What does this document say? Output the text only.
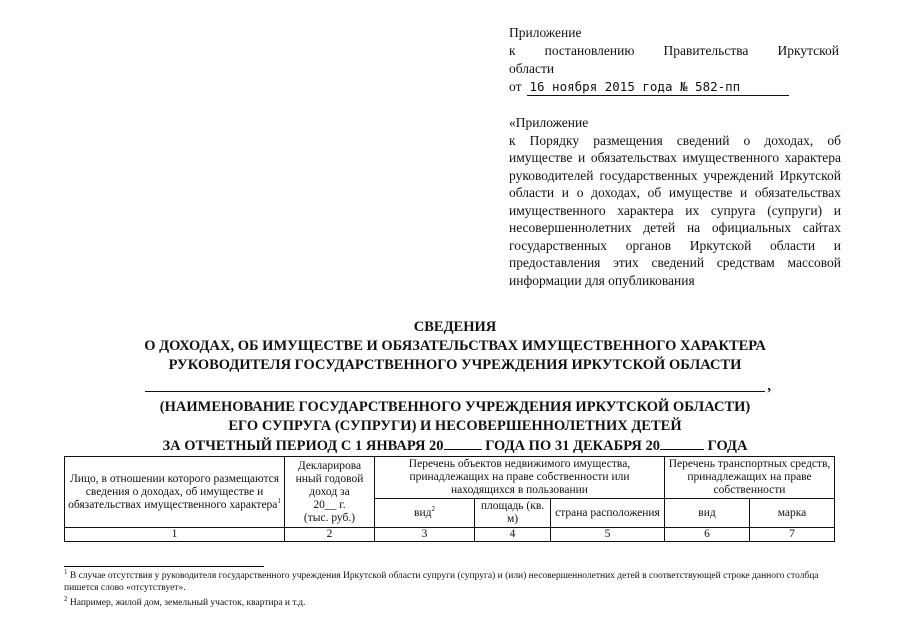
Приложение
к постановлению Правительства Иркутской
области
от 16 ноября 2015 года № 582-пп
«Приложение
к Порядку размещения сведений о доходах, об имуществе и обязательствах имущественного характера руководителей государственных учреждений Иркутской области и о доходах, об имуществе и обязательствах имущественного характера их супруга (супруги) и несовершеннолетних детей на официальных сайтах государственных органов Иркутской области и предоставления этих сведений средствам массовой информации для опубликования
СВЕДЕНИЯ
О ДОХОДАХ, ОБ ИМУЩЕСТВЕ И ОБЯЗАТЕЛЬСТВАХ ИМУЩЕСТВЕННОГО ХАРАКТЕРА
РУКОВОДИТЕЛЯ ГОСУДАРСТВЕННОГО УЧРЕЖДЕНИЯ ИРКУТСКОЙ ОБЛАСТИ
,
(НАИМЕНОВАНИЕ ГОСУДАРСТВЕННОГО УЧРЕЖДЕНИЯ ИРКУТСКОЙ ОБЛАСТИ)
ЕГО СУПРУГА (СУПРУГИ) И НЕСОВЕРШЕННОЛЕТНИХ ДЕТЕЙ
ЗА ОТЧЕТНЫЙ ПЕРИОД С 1 ЯНВАРЯ 20	ГОДА ПО 31 ДЕКАБРЯ 20	ГОДА
Лицо, в отношении которого размещаются сведения о доходах, об имуществе и обязательствах имущественного характера$^1$	Декларирова нный годовой доход за
20__ г.
(тыс. руб.)	Перечень объектов недвижимого имущества, принадлежащих на праве собственности или находящихся в пользовании			Перечень транспортных средств, принадлежащих на праве собственности	
		вид$^2$	площадь (кв. м)	страна расположения	вид	марка
1	2	3	4	5	6	7

$^1$ В случае отсутствия у руководителя государственного учреждения Иркутской области супруги (супруга) и (или) несовершеннолетних детей в соответствующей строке данного столбца пишется слово «отсутствует».

$^2$ Например, жилой дом, земельный участок, квартира и т.д.
